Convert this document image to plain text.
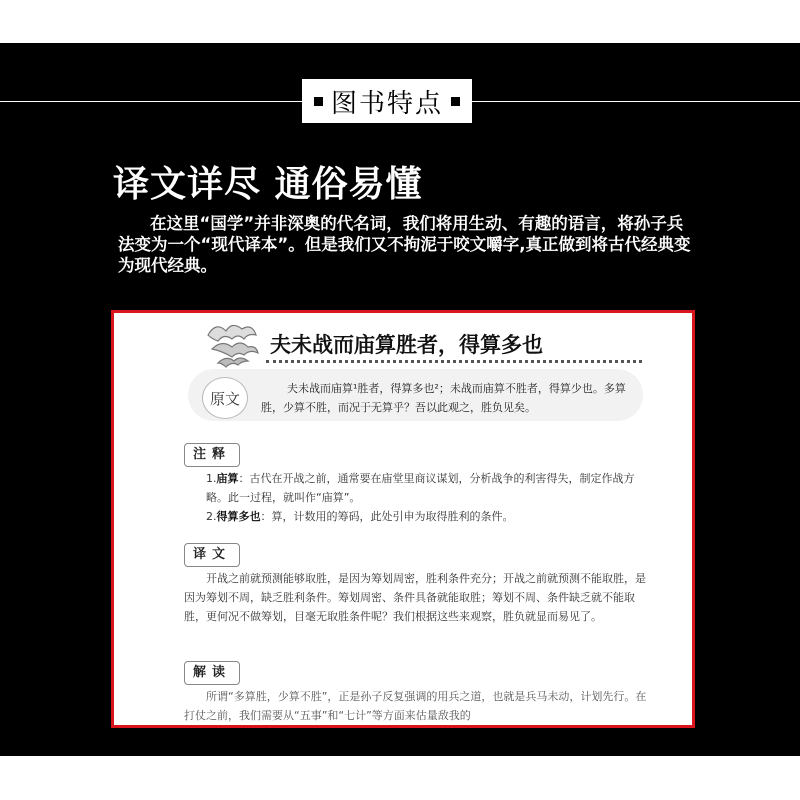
图书特点
译文详尽 通俗易懂
在这里“国学”并非深奥的代名词，我们将用生动、有趣的语言，将孙子兵法变为一个“现代译本”。但是我们又不拘泥于咬文嚼字,真正做到将古代经典变为现代经典。
夫未战而庙算胜者，得算多也
原文
夫未战而庙算¹胜者，得算多也²；未战而庙算不胜者，得算少也。多算胜，少算不胜，而况于无算乎？吾以此观之，胜负见矣。
注释

1.庙算：古代在开战之前，通常要在庙堂里商议谋划，分析战争的利害得失，制定作战方略。此一过程，就叫作“庙算”。

2.得算多也：算，计数用的筹码，此处引申为取得胜利的条件。

译文
开战之前就预测能够取胜，是因为筹划周密，胜利条件充分；开战之前就预测不能取胜，是因为筹划不周，缺乏胜利条件。筹划周密、条件具备就能取胜；筹划不周、条件缺乏就不能取胜，更何况不做筹划，目毫无取胜条件呢？我们根据这些来观察，胜负就显而易见了。
解读
所谓“多算胜，少算不胜”，正是孙子反复强调的用兵之道，也就是兵马未动，计划先行。在打仗之前，我们需要从“五事”和“七计”等方面来估量敌我的
